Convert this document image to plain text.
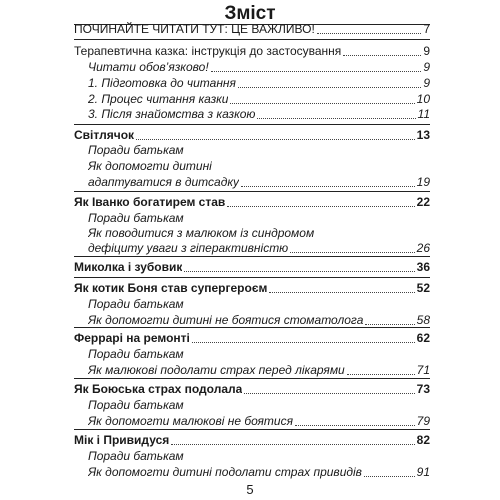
Зміст
ПОЧИНАЙТЕ ЧИТАТИ ТУТ: ЦЕ ВАЖЛИВО!	7
Терапевтична казка: інструкція до застосування	9
Читати обов’язково!	9
1. Підготовка до читання	9
2. Процес читання казки	10
3. Після знайомства з казкою	11
Світлячок	13
Поради батькам
Як допомогти дитині
адаптуватися в дитсадку	19
Як Іванко богатирем став	22
Поради батькам
Як поводитися з малюком із синдромом
дефіциту уваги з гіперактивністю	26
Миколка і зубовик	36
Як котик Боня став супергероєм	52
Поради батькам
Як допомогти дитині не боятися стоматолога	58
Феррарі на ремонті	62
Поради батькам
Як малюкові подолати страх перед лікарями	71
Як Боюська страх подолала	73
Поради батькам
Як допомогти малюкові не боятися	79
Мік і Привидуся	82
Поради батькам
Як допомогти дитині подолати страх привидів	91
5
